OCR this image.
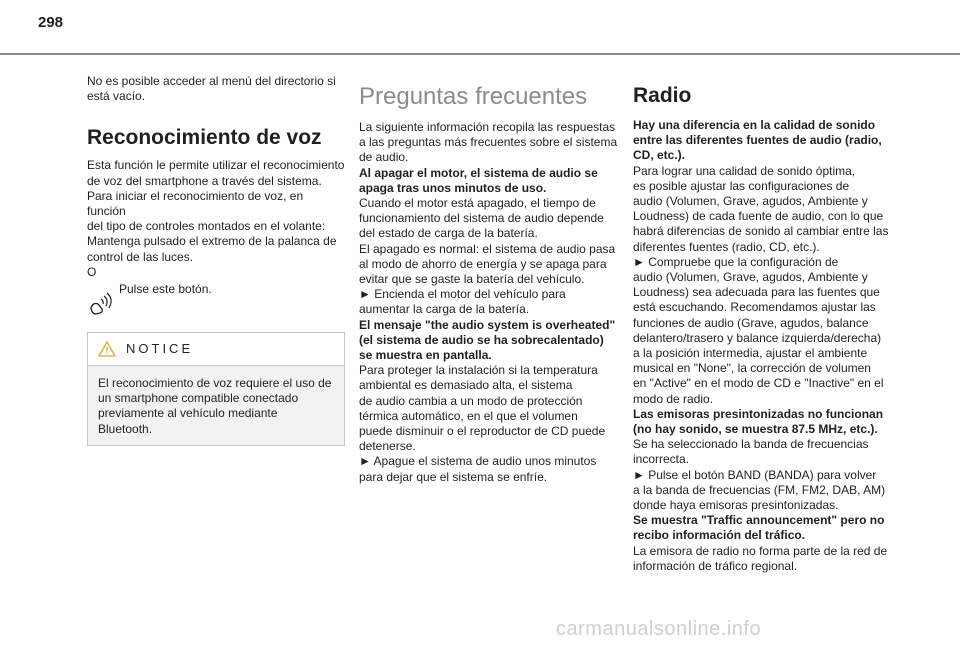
298

No es posible acceder al menú del directorio si

está vacío.

Reconocimiento de voz

Esta función le permite utilizar el reconocimiento

de voz del smartphone a través del sistema.

Para iniciar el reconocimiento de voz, en función

del tipo de controles montados en el volante:

Mantenga pulsado el extremo de la palanca de

control de las luces.

O

Pulse este botón.
NOTICE

El reconocimiento de voz requiere el uso de

un smartphone compatible conectado

previamente al vehículo mediante Bluetooth.

Preguntas frecuentes

La siguiente información recopila las respuestas

a las preguntas más frecuentes sobre el sistema

de audio.

Al apagar el motor, el sistema de audio se

apaga tras unos minutos de uso.

Cuando el motor está apagado, el tiempo de

funcionamiento del sistema de audio depende

del estado de carga de la batería.

El apagado es normal: el sistema de audio pasa

al modo de ahorro de energía y se apaga para

evitar que se gaste la batería del vehículo.

► Encienda el motor del vehículo para

aumentar la carga de la batería.

El mensaje "the audio system is overheated"

(el sistema de audio se ha sobrecalentado)

se muestra en pantalla.

Para proteger la instalación si la temperatura

ambiental es demasiado alta, el sistema

de audio cambia a un modo de protección

térmica automático, en el que el volumen

puede disminuir o el reproductor de CD puede

detenerse.

► Apague el sistema de audio unos minutos

para dejar que el sistema se enfríe.

Radio

Hay una diferencia en la calidad de sonido

entre las diferentes fuentes de audio (radio,

CD, etc.).

Para lograr una calidad de sonido óptima,

es posible ajustar las configuraciones de

audio (Volumen, Grave, agudos, Ambiente y

Loudness) de cada fuente de audio, con lo que

habrá diferencias de sonido al cambiar entre las

diferentes fuentes (radio, CD, etc.).

► Compruebe que la configuración de

audio (Volumen, Grave, agudos, Ambiente y

Loudness) sea adecuada para las fuentes que

está escuchando. Recomendamos ajustar las

funciones de audio (Grave, agudos, balance

delantero/trasero y balance izquierda/derecha)

a la posición intermedia, ajustar el ambiente

musical en "None", la corrección de volumen

en "Active" en el modo de CD e "Inactive" en el

modo de radio.

Las emisoras presintonizadas no funcionan

(no hay sonido, se muestra 87.5 MHz, etc.).

Se ha seleccionado la banda de frecuencias

incorrecta.

► Pulse el botón BAND (BANDA) para volver

a la banda de frecuencias (FM, FM2, DAB, AM)

donde haya emisoras presintonizadas.

Se muestra "Traffic announcement" pero no

recibo información del tráfico.

La emisora de radio no forma parte de la red de

información de tráfico regional.

carmanualsonline.info
